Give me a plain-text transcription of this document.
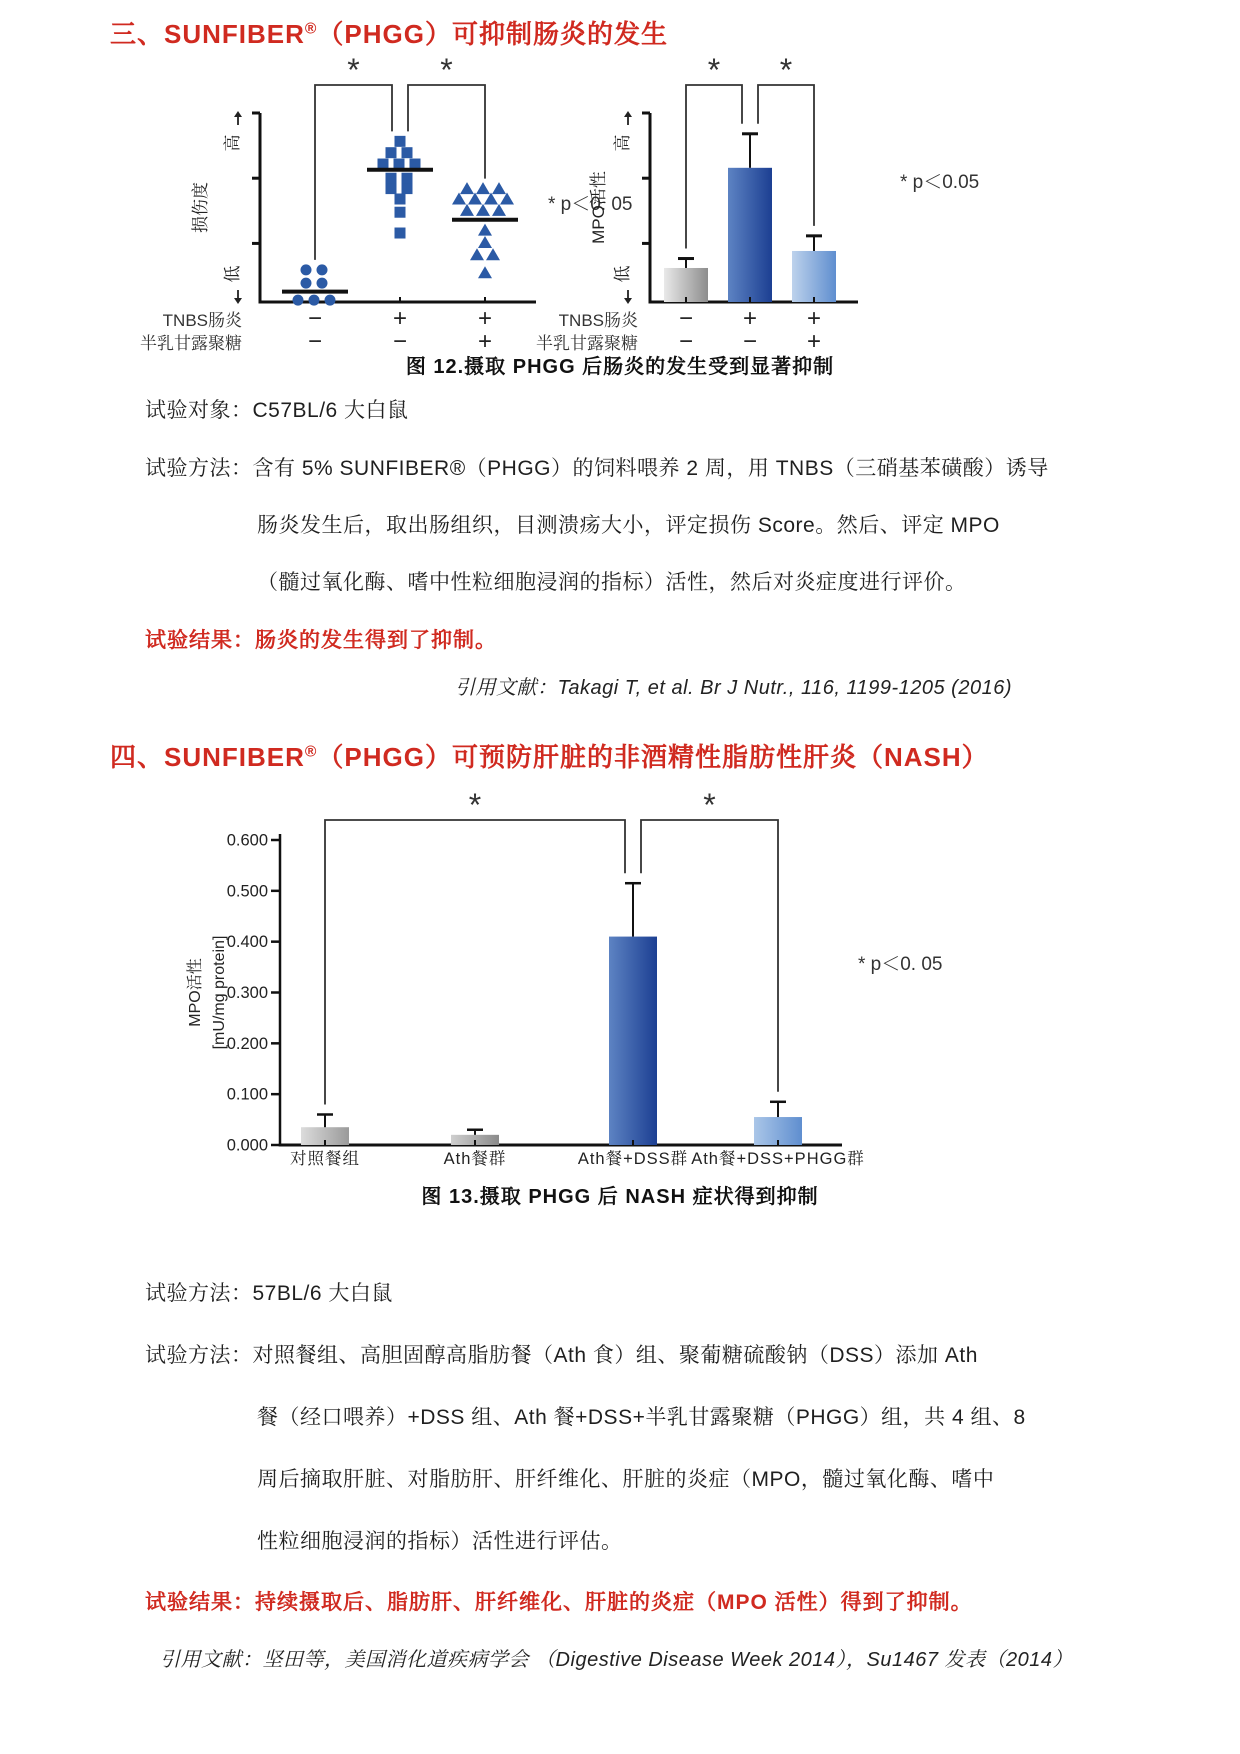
三、SUNFIBER®（PHGG）可抑制肠炎的发生
高
低
损伤度
*	*
* p＜0. 05
TNBS肠炎	−	+	+
半乳甘露聚糖	−	−	+
高
低
MPO活性
* *
* p＜0.05
TNBS肠炎 − + +
半乳甘露聚糖 − − +
图 12.摄取 PHGG 后肠炎的发生受到显著抑制

试验对象：C57BL/6 大白鼠

试验方法：含有 5% SUNFIBER®（PHGG）的饲料喂养 2 周，用 TNBS（三硝基苯磺酸）诱导

肠炎发生后，取出肠组织，目测溃疡大小，评定损伤 Score。然后、评定 MPO

（髓过氧化酶、嗜中性粒细胞浸润的指标）活性，然后对炎症度进行评价。

试验结果：肠炎的发生得到了抑制。

引用文献：Takagi T, et al. Br J Nutr., 116, 1199-1205 (2016)

四、SUNFIBER®（PHGG）可预防肝脏的非酒精性脂肪性肝炎（NASH）
0.600
0.500
0.400
0.300
0.200
0.100
0.000
MPO活性 [mU/mg protein]
对照餐组	Ath餐群	Ath餐+DSS群 Ath餐+DSS+PHGG群
*	*
* p＜0. 05
图 13.摄取 PHGG 后 NASH 症状得到抑制

试验方法：57BL/6 大白鼠

试验方法：对照餐组、高胆固醇高脂肪餐（Ath 食）组、聚葡糖硫酸钠（DSS）添加 Ath

餐（经口喂养）+DSS 组、Ath 餐+DSS+半乳甘露聚糖（PHGG）组，共 4 组、8

周后摘取肝脏、对脂肪肝、肝纤维化、肝脏的炎症（MPO，髓过氧化酶、嗜中

性粒细胞浸润的指标）活性进行评估。

试验结果：持续摄取后、脂肪肝、肝纤维化、肝脏的炎症（MPO 活性）得到了抑制。

引用文献：坚田等，美国消化道疾病学会 （Digestive Disease Week 2014），Su1467 发表（2014）
